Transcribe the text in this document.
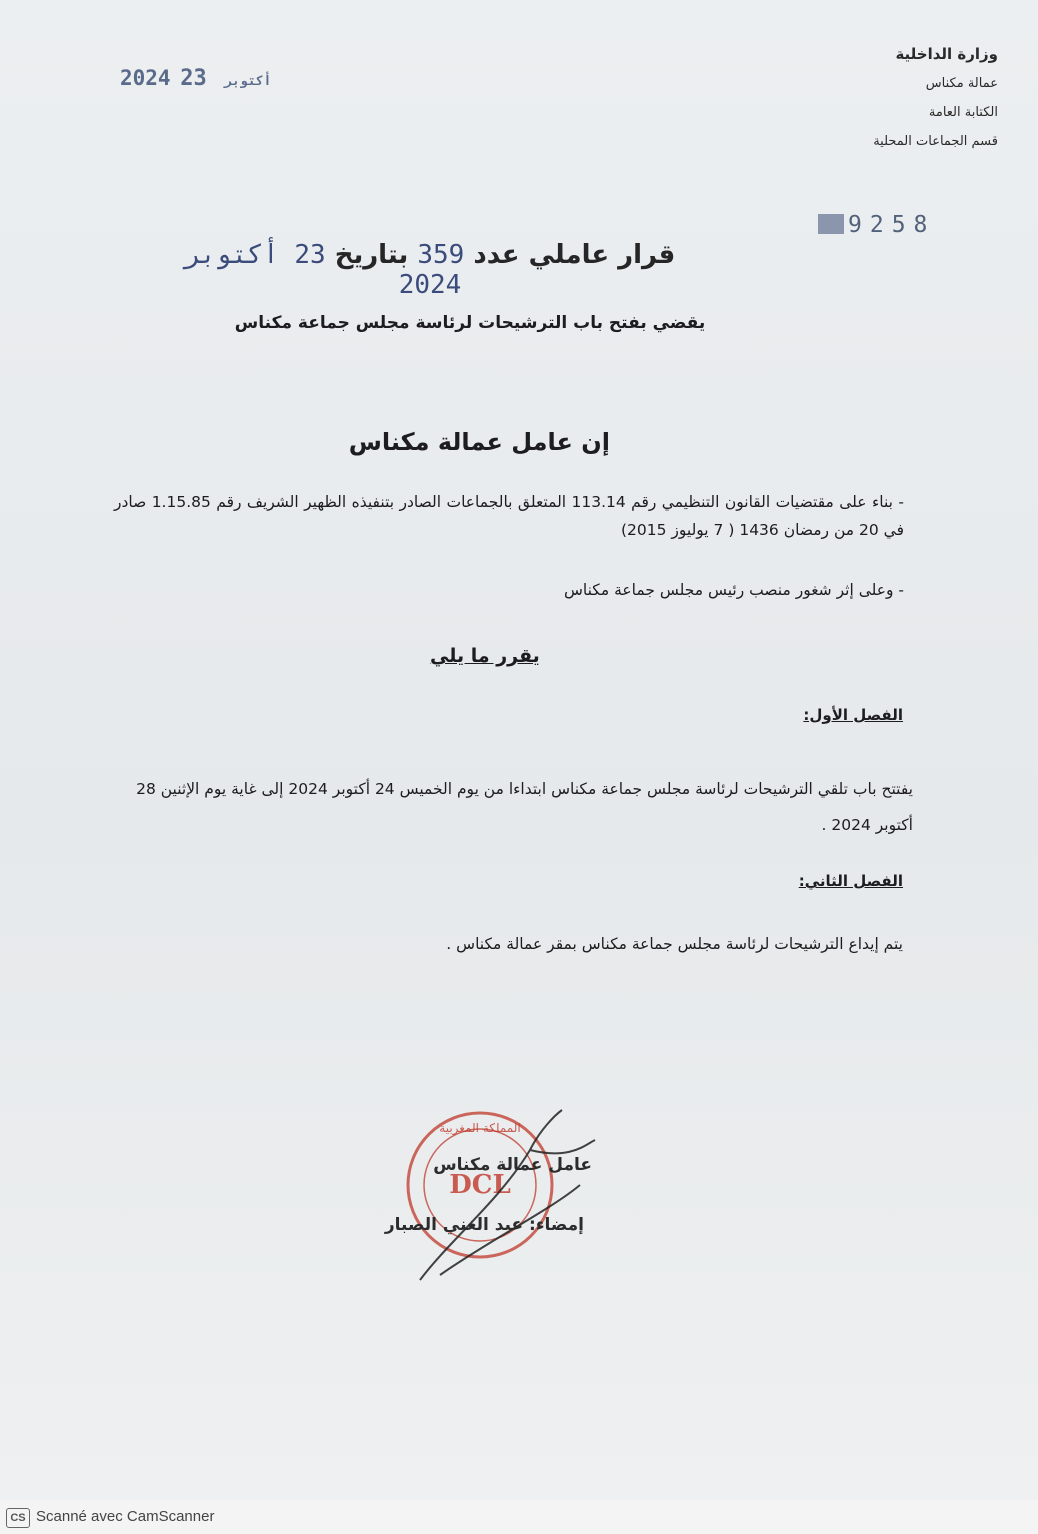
وزارة الداخلية
عمالة مكناس
الكتابة العامة
قسم الجماعات المحلية
2024	أكتوبر 23
9258
قرار عاملي عدد 359 بتاريخ 23 أكتوبر 2024
يقضي بفتح باب الترشيحات لرئاسة مجلس جماعة مكناس
إن عامل عمالة مكناس
- بناء على مقتضيات القانون التنظيمي رقم 113.14 المتعلق بالجماعات الصادر بتنفيذه الظهير الشريف رقم 1.15.85 صادر في 20 من رمضان 1436 ( 7 يوليوز 2015)
- وعلى إثر شغور منصب رئيس مجلس جماعة مكناس
يقرر ما يلي
الفصل الأول:
يفتتح باب تلقي الترشيحات لرئاسة مجلس جماعة مكناس ابتداءا من يوم الخميس 24 أكتوبر 2024 إلى غاية يوم الإثنين 28 أكتوبر 2024 .
الفصل الثاني:
يتم إيداع الترشيحات لرئاسة مجلس جماعة مكناس بمقر عمالة مكناس .
DCL
المملكة المغربية
عامل عمالة مكناس
إمضاء: عبد الغني الصبار
CS Scanné avec CamScanner
